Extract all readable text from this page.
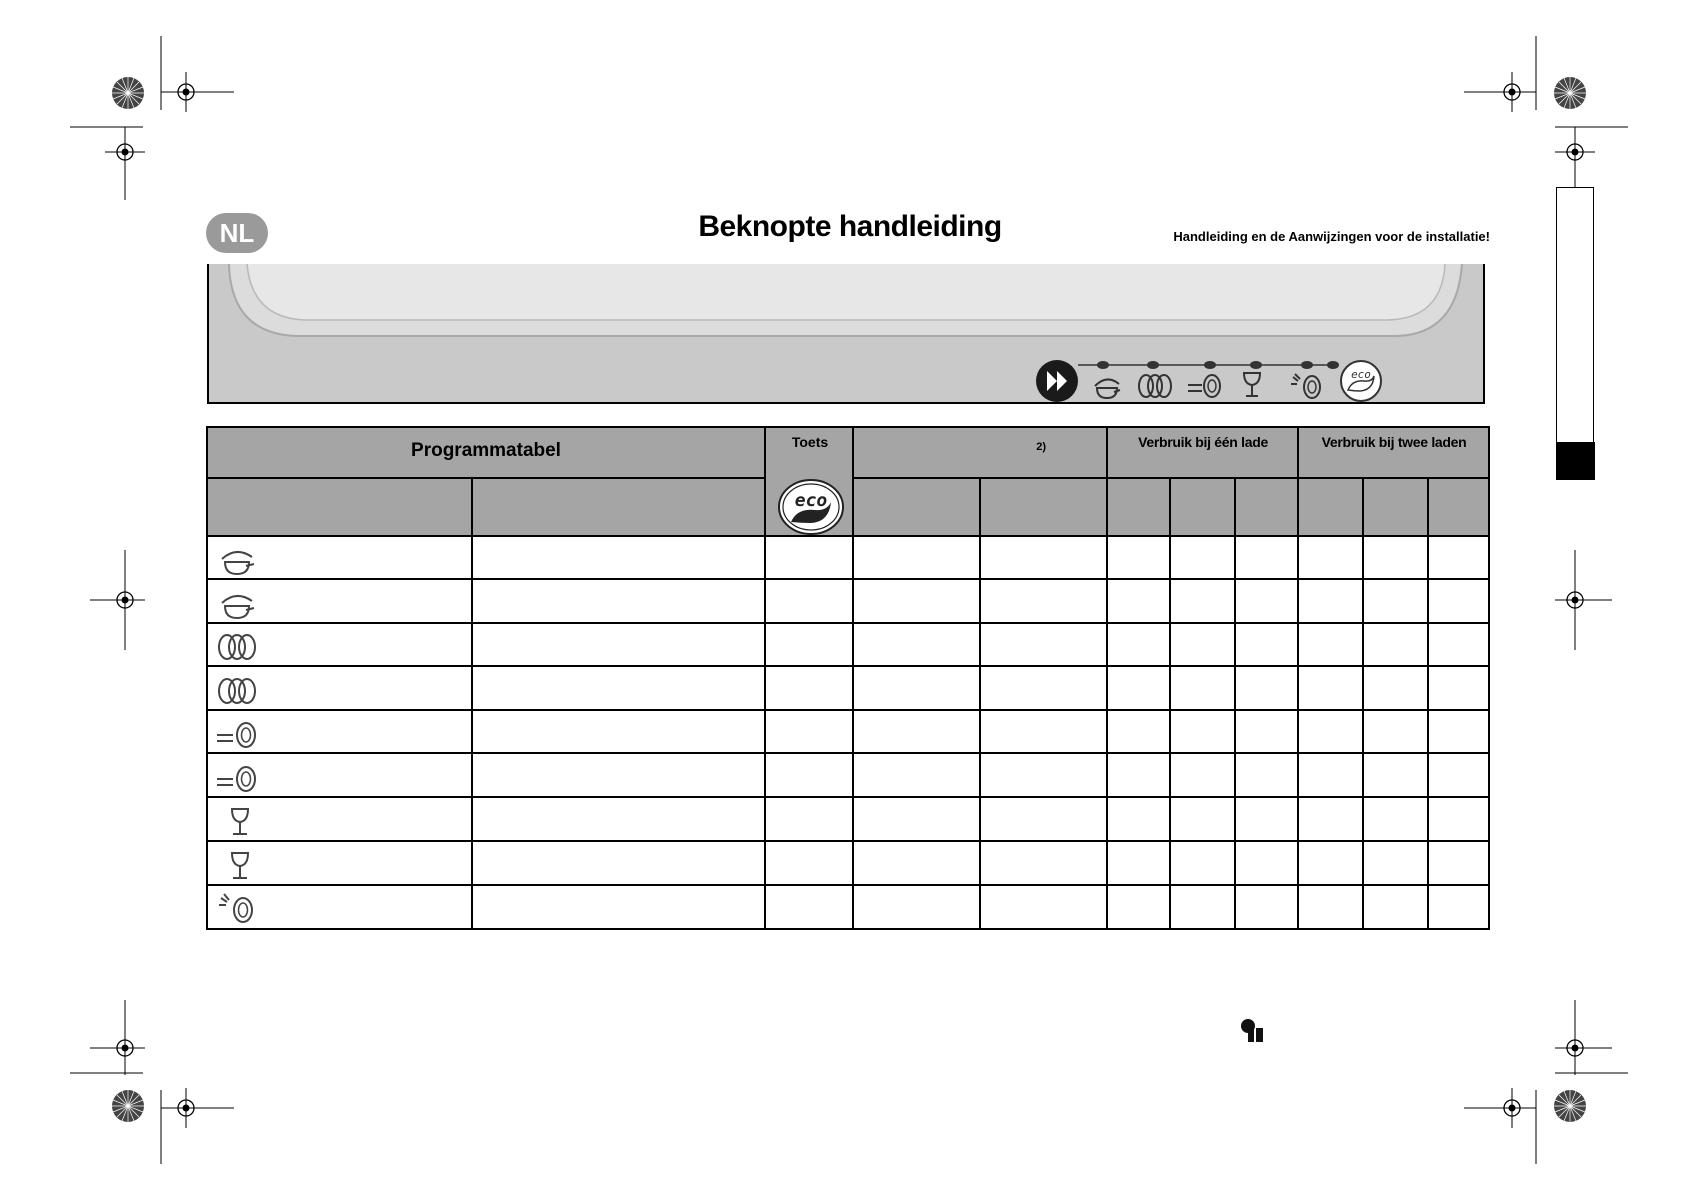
NL	Beknopte handleiding	Handleiding en de Aanwijzingen voor de installatie!
eco
Programmatabel	Toets	2)	Verbruik bij één lade	Verbruik bij twee laden
eco
